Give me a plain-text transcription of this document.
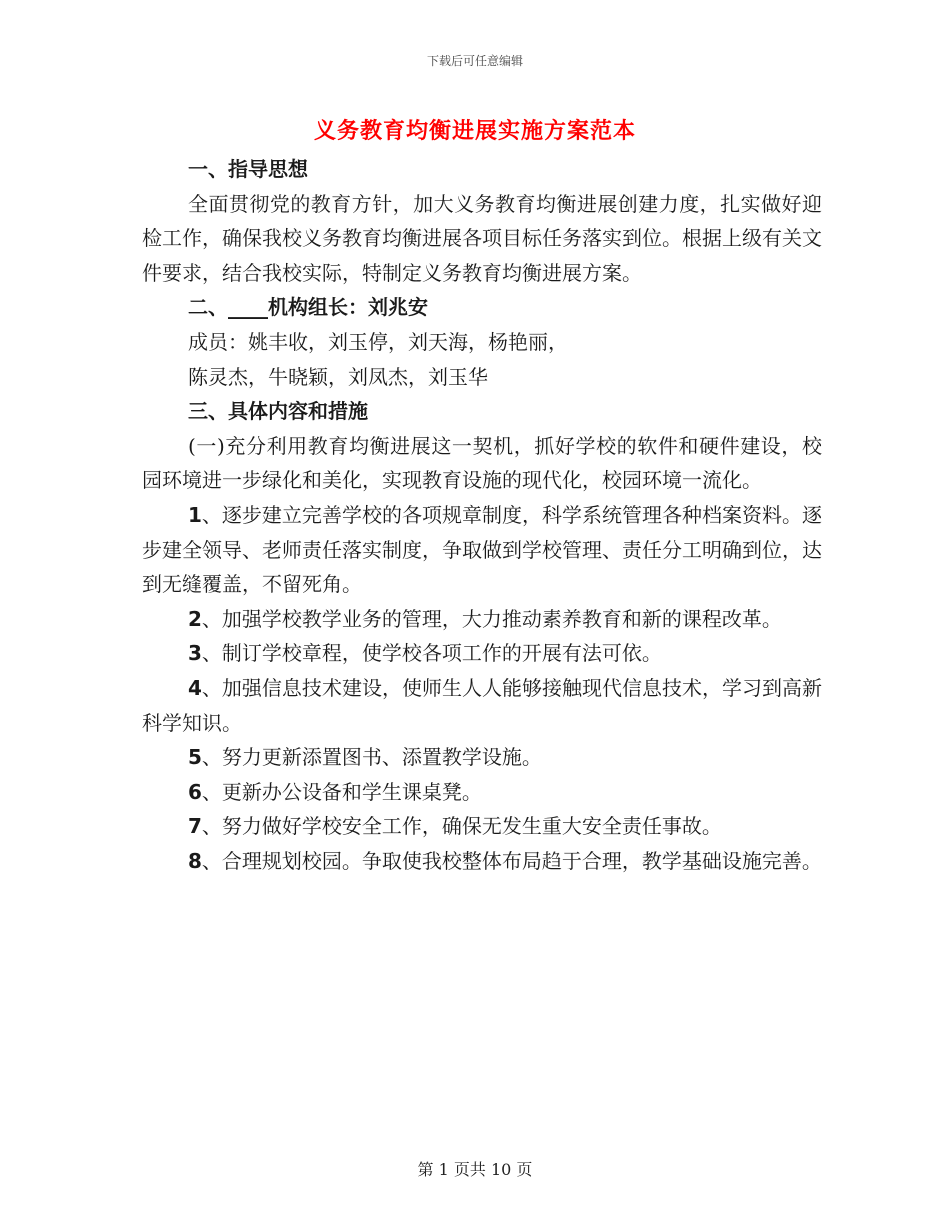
下载后可任意编辑
义务教育均衡进展实施方案范本

一、指导思想

全面贯彻党的教育方针，加大义务教育均衡进展创建力度，扎实做好迎检工作，确保我校义务教育均衡进展各项目标任务落实到位。根据上级有关文件要求，结合我校实际，特制定义务教育均衡进展方案。

二、____机构组长：刘兆安

成员：姚丰收，刘玉停，刘天海，杨艳丽，

陈灵杰，牛晓颖，刘凤杰，刘玉华

三、具体内容和措施

(一)充分利用教育均衡进展这一契机，抓好学校的软件和硬件建设，校园环境进一步绿化和美化，实现教育设施的现代化，校园环境一流化。

1、逐步建立完善学校的各项规章制度，科学系统管理各种档案资料。逐步建全领导、老师责任落实制度，争取做到学校管理、责任分工明确到位，达到无缝覆盖，不留死角。

2、加强学校教学业务的管理，大力推动素养教育和新的课程改革。

3、制订学校章程，使学校各项工作的开展有法可依。

4、加强信息技术建设，使师生人人能够接触现代信息技术，学习到高新科学知识。

5、努力更新添置图书、添置教学设施。

6、更新办公设备和学生课桌凳。

7、努力做好学校安全工作，确保无发生重大安全责任事故。

8、合理规划校园。争取使我校整体布局趋于合理，教学基础设施完善。

第 1 页共 10 页
